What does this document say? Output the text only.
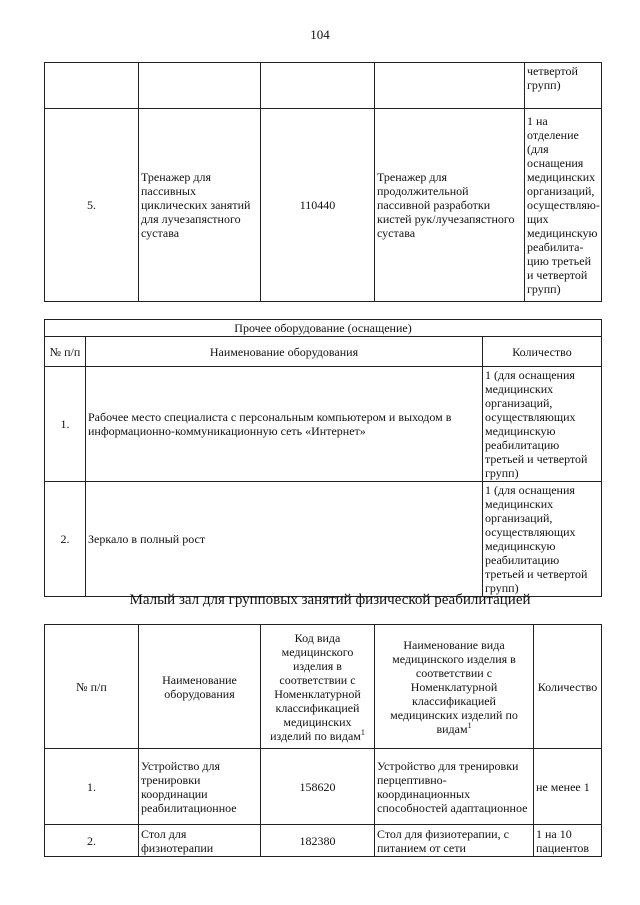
104
				четвертой групп)
5.	Тренажер для пассивных циклических занятий для лучезапястного сустава	110440	Тренажер для продолжительной пассивной разработки кистей рук/лучезапястного сустава	1 на отделение (для оснащения медицинских организаций, осуществляю-щих медицинскую реабилита-цию третьей и четвертой групп)
Прочее оборудование (оснащение)		
№ п/п	Наименование оборудования	Количество
1.	Рабочее место специалиста с персональным компьютером и выходом в информационно-коммуникационную сеть «Интернет»	1 (для оснащения медицинских организаций, осуществляющих медицинскую реабилитацию третьей и четвертой групп)
2.	Зеркало в полный рост	1 (для оснащения медицинских организаций, осуществляющих медицинскую реабилитацию третьей и четвертой групп)
Малый зал для групповых занятий физической реабилитацией
№ п/п	Наименование оборудования	Код вида медицинского изделия в соответствии с Номенклатурной классификацией медицинских изделий по видам$^1$	Наименование вида медицинского изделия в соответствии с Номенклатурной классификацией медицинских изделий по видам$^1$	Количество
1.	Устройство для тренировки координации реабилитационное	158620	Устройство для тренировки перцептивно-координационных способностей адаптационное	не менее 1
2.	Стол для физиотерапии	182380	Стол для физиотерапии, с питанием от сети	1 на 10 пациентов
